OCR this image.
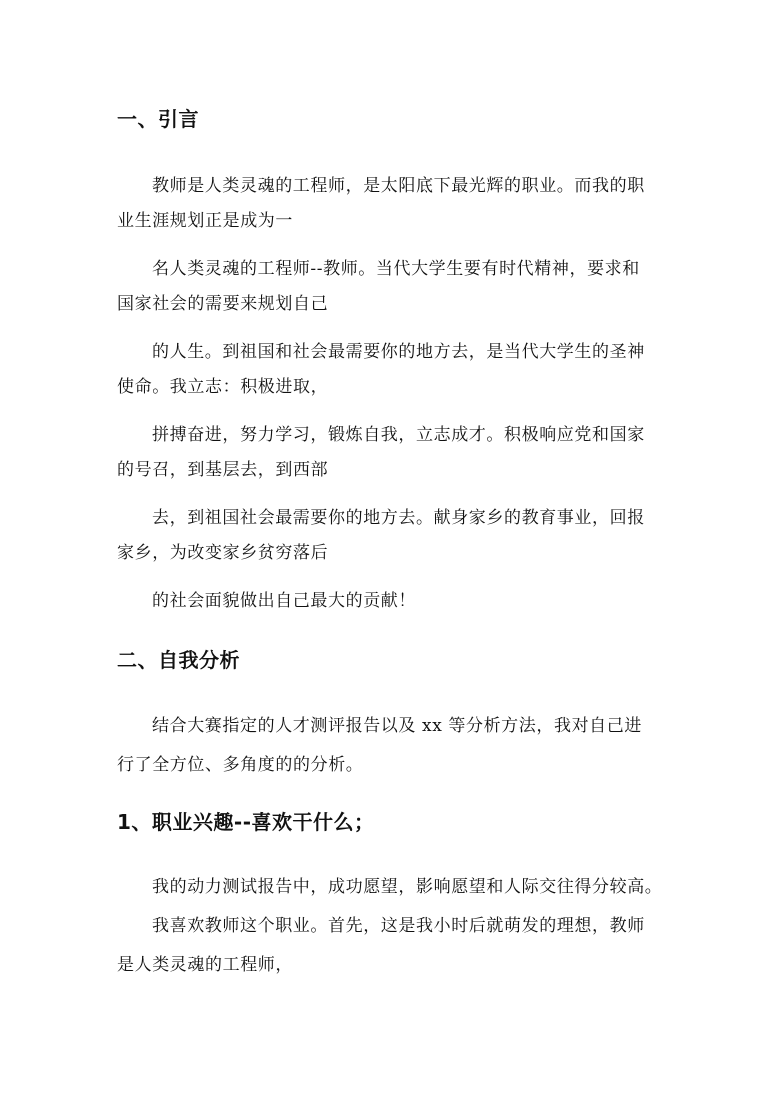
一、引言
教师是人类灵魂的工程师，是太阳底下最光辉的职业。而我的职
业生涯规划正是成为一
名人类灵魂的工程师--教师。当代大学生要有时代精神，要求和
国家社会的需要来规划自己
的人生。到祖国和社会最需要你的地方去，是当代大学生的圣神
使命。我立志：积极进取，
拼搏奋进，努力学习，锻炼自我，立志成才。积极响应党和国家
的号召，到基层去，到西部
去，到祖国社会最需要你的地方去。献身家乡的教育事业，回报
家乡，为改变家乡贫穷落后
的社会面貌做出自己最大的贡献！
二、自我分析
结合大赛指定的人才测评报告以及 xx 等分析方法，我对自己进
行了全方位、多角度的的分析。
1、职业兴趣--喜欢干什么；
我的动力测试报告中，成功愿望，影响愿望和人际交往得分较高。
我喜欢教师这个职业。首先，这是我小时后就萌发的理想，教师
是人类灵魂的工程师，
